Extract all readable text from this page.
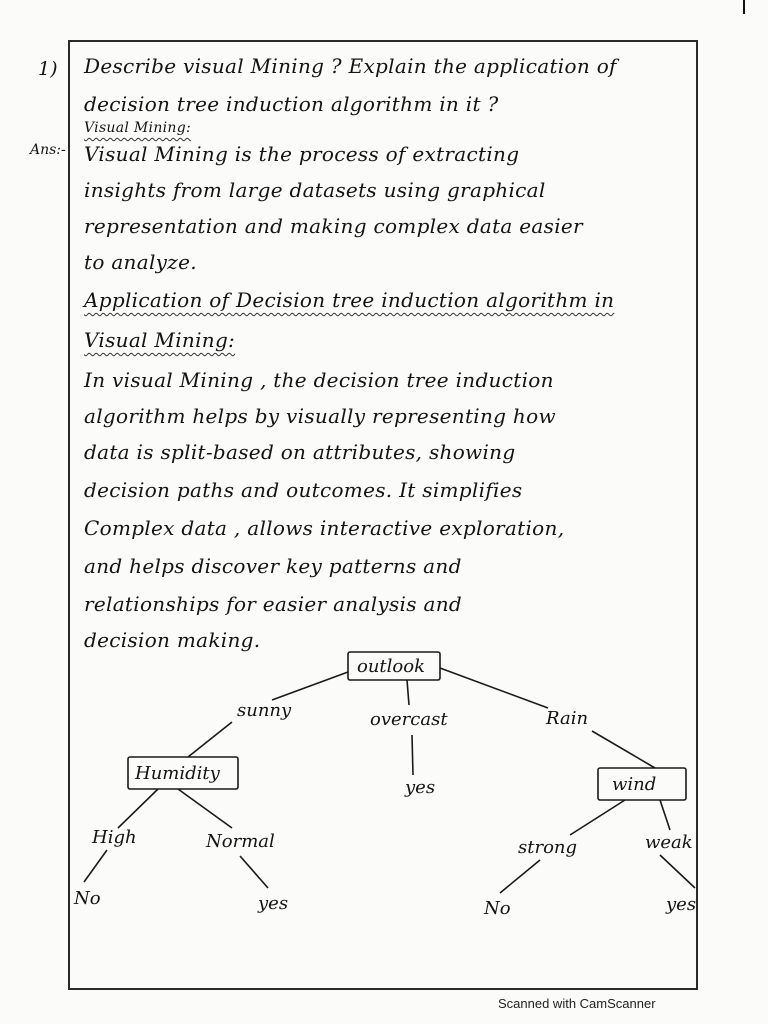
1) Describe visual Mining ? Explain the application of
decision tree induction algorithm in it ?
Ans:-
Visual Mining:
Visual Mining is the process of extracting
insights from large datasets using graphical
representation and making complex data easier
to analyze.
Application of Decision tree induction algorithm in
Visual Mining:
In visual Mining , the decision tree induction
algorithm helps by visually representing how
data is split-based on attributes, showing
decision paths and outcomes. It simplifies
Complex data , allows interactive exploration,
and helps discover key patterns and
relationships for easier analysis and
decision making.
outlook
sunny	overcast	Rain
Humidity
yes	wind
High	Normal
No	yes
strong	weak
No	yes
Scanned with CamScanner
